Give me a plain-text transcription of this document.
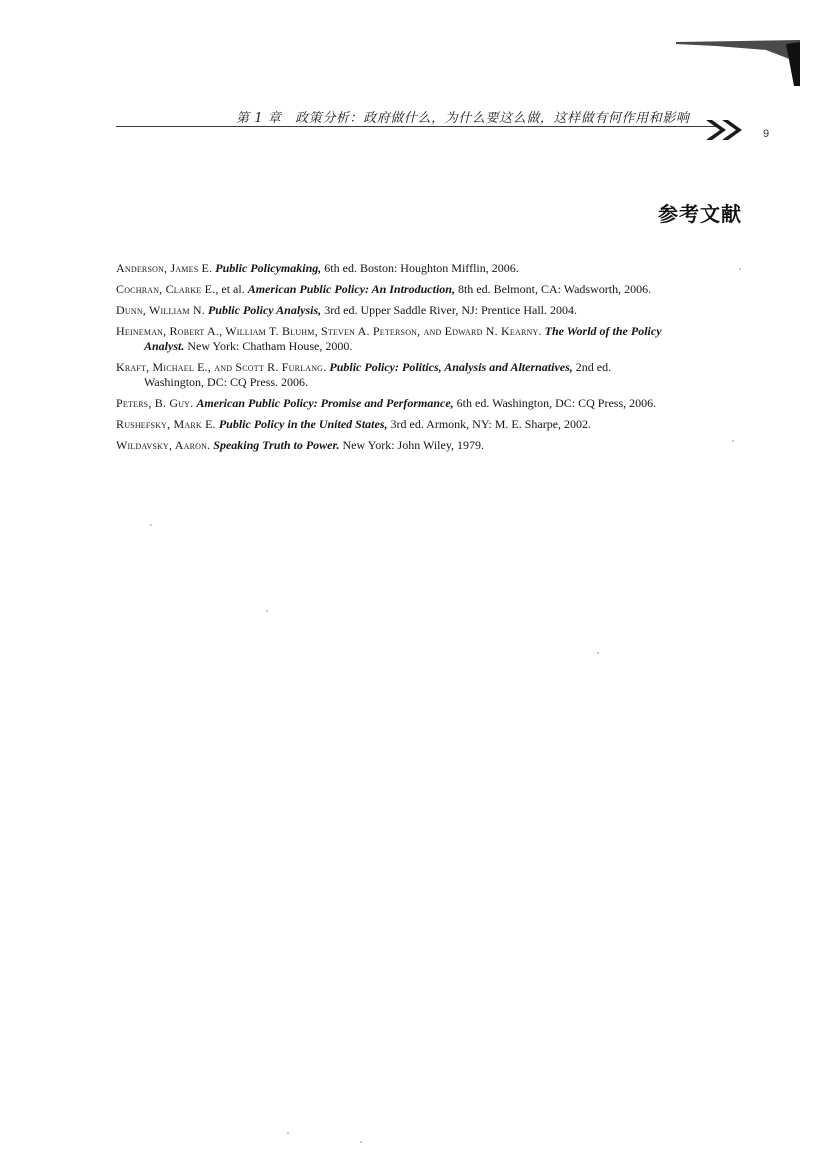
第 1 章　政策分析：政府做什么，为什么要这么做，这样做有何作用和影响
9
参考文献
Anderson, James E. Public Policymaking, 6th ed. Boston: Houghton Mifflin, 2006.
Cochran, Clarke E., et al. American Public Policy: An Introduction, 8th ed. Belmont, CA: Wadsworth, 2006.
Dunn, William N. Public Policy Analysis, 3rd ed. Upper Saddle River, NJ: Prentice Hall. 2004.
Heineman, Robert A., William T. Bluhm, Steven A. Peterson, and Edward N. Kearny. The World of the Policy Analyst. New York: Chatham House, 2000.
Kraft, Michael E., and Scott R. Furlang. Public Policy: Politics, Analysis and Alternatives, 2nd ed. Washington, DC: CQ Press. 2006.
Peters, B. Guy. American Public Policy: Promise and Performance, 6th ed. Washington, DC: CQ Press, 2006.
Rushefsky, Mark E. Public Policy in the United States, 3rd ed. Armonk, NY: M. E. Sharpe, 2002.
Wildavsky, Aaron. Speaking Truth to Power. New York: John Wiley, 1979.
